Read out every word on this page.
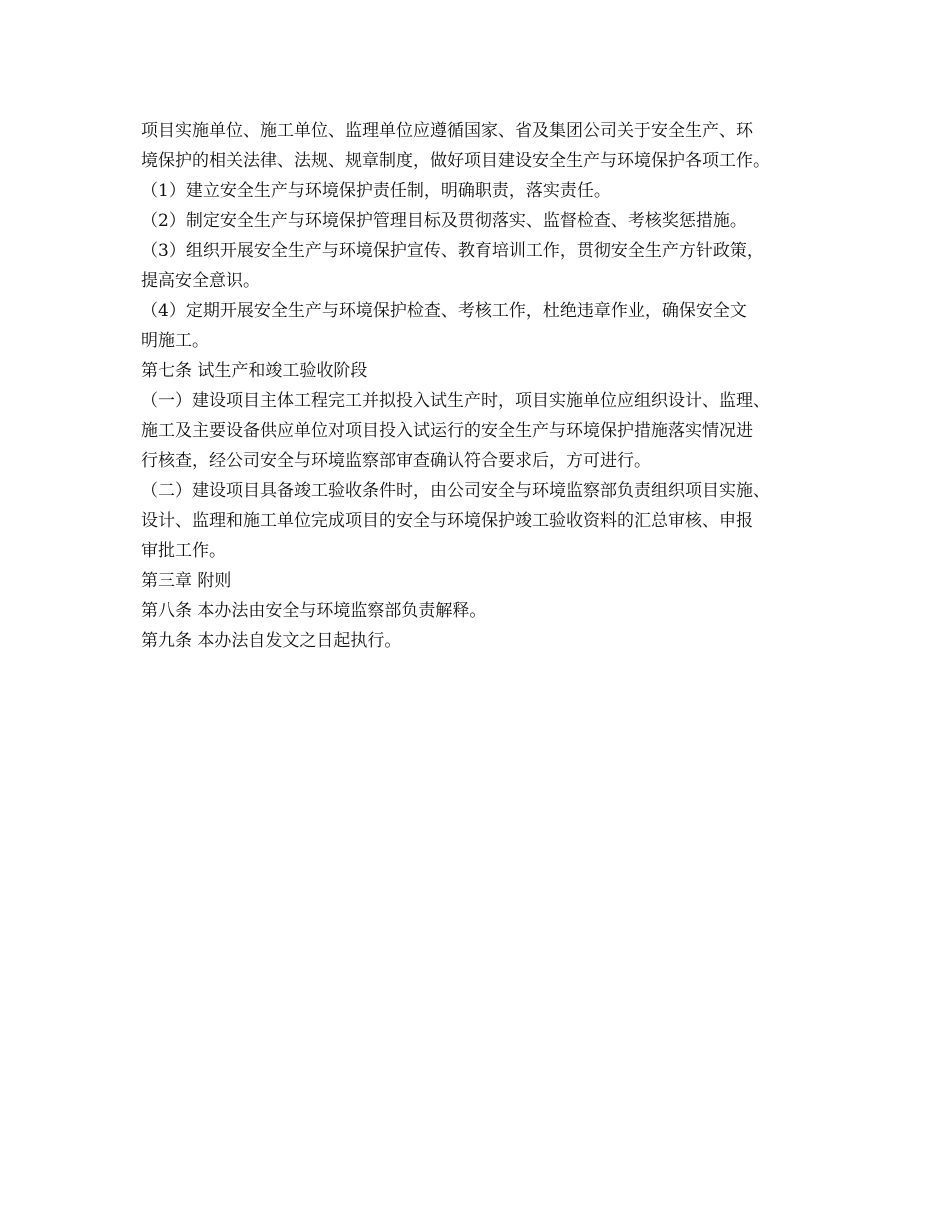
项目实施单位、施工单位、监理单位应遵循国家、省及集团公司关于安全生产、环

境保护的相关法律、法规、规章制度，做好项目建设安全生产与环境保护各项工作。

（1）建立安全生产与环境保护责任制，明确职责，落实责任。

（2）制定安全生产与环境保护管理目标及贯彻落实、监督检查、考核奖惩措施。

（3）组织开展安全生产与环境保护宣传、教育培训工作，贯彻安全生产方针政策，

提高安全意识。

（4）定期开展安全生产与环境保护检查、考核工作，杜绝违章作业，确保安全文

明施工。

第七条 试生产和竣工验收阶段

（一）建设项目主体工程完工并拟投入试生产时，项目实施单位应组织设计、监理、

施工及主要设备供应单位对项目投入试运行的安全生产与环境保护措施落实情况进

行核查，经公司安全与环境监察部审查确认符合要求后，方可进行。

（二）建设项目具备竣工验收条件时，由公司安全与环境监察部负责组织项目实施、

设计、监理和施工单位完成项目的安全与环境保护竣工验收资料的汇总审核、申报

审批工作。

第三章 附则

第八条 本办法由安全与环境监察部负责解释。

第九条 本办法自发文之日起执行。
